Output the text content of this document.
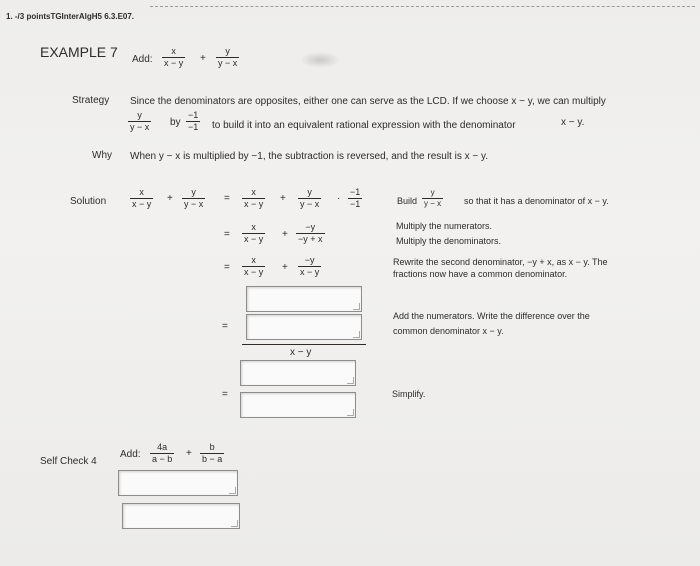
1. -/3 pointsTGInterAlgH5 6.3.E07.
EXAMPLE 7 Add: $\frac{x}{x - y} + \frac{y}{y - x}$
Strategy Since the denominators are opposites, either one can serve as the LCD. If we choose x − y, we can multiply
$\frac{y}{y - x}$ by $\frac{-1}{-1}$ to build it into an equivalent rational expression with the denominator	x − y.
Why When y − x is multiplied by −1, the subtraction is reversed, and the result is x − y.
Solution	$\frac{x}{x - y} + \frac{y}{y - x} = \frac{x}{x - y} + \frac{y}{y - x} \cdot \frac{-1}{-1}$
= $\frac{x}{x - y} + \frac{-y}{-y + x}$
= $\frac{x}{x - y} + \frac{-y}{x - y}$
=
x − y
=
Build $\frac{y}{y - x}$ so that it has a denominator of x − y.
Multiply the numerators.
Multiply the denominators.
Rewrite the second denominator, −y + x, as x − y. The
fractions now have a common denominator.
Add the numerators. Write the difference over the
common denominator x − y.
Simplify.
Self Check 4
Add: $\frac{4a}{a - b} + \frac{b}{b - a}$
